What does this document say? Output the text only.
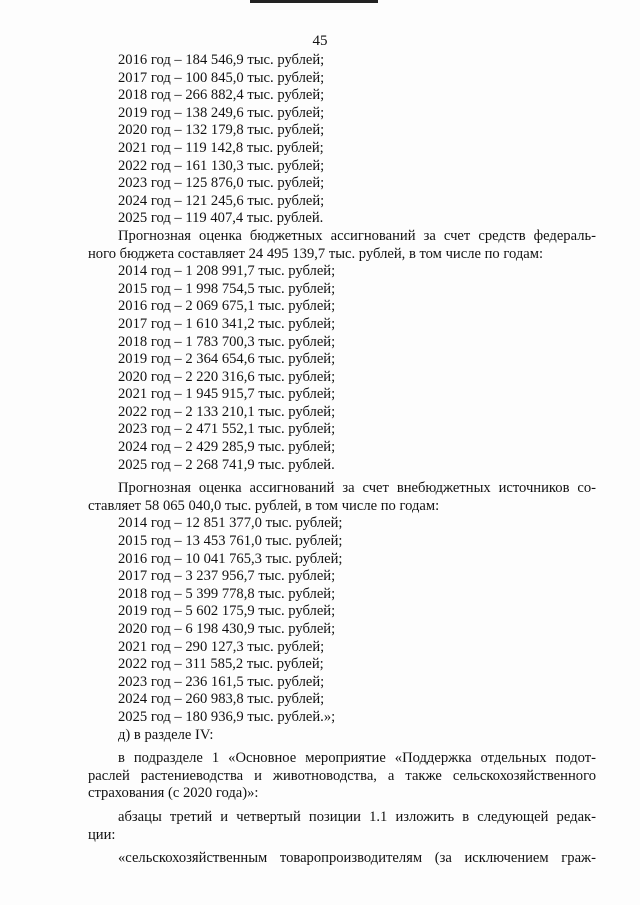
45
2016 год – 184 546,9 тыс. рублей;
2017 год – 100 845,0 тыс. рублей;
2018 год – 266 882,4 тыс. рублей;
2019 год – 138 249,6 тыс. рублей;
2020 год – 132 179,8 тыс. рублей;
2021 год – 119 142,8 тыс. рублей;
2022 год – 161 130,3 тыс. рублей;
2023 год – 125 876,0 тыс. рублей;
2024 год – 121 245,6 тыс. рублей;
2025 год – 119 407,4 тыс. рублей.
Прогнозная оценка бюджетных ассигнований за счет средств федераль-
ного бюджета составляет 24 495 139,7 тыс. рублей, в том числе по годам:
2014 год – 1 208 991,7 тыс. рублей;
2015 год – 1 998 754,5 тыс. рублей;
2016 год – 2 069 675,1 тыс. рублей;
2017 год – 1 610 341,2 тыс. рублей;
2018 год – 1 783 700,3 тыс. рублей;
2019 год – 2 364 654,6 тыс. рублей;
2020 год – 2 220 316,6 тыс. рублей;
2021 год – 1 945 915,7 тыс. рублей;
2022 год – 2 133 210,1 тыс. рублей;
2023 год – 2 471 552,1 тыс. рублей;
2024 год – 2 429 285,9 тыс. рублей;
2025 год – 2 268 741,9 тыс. рублей.
Прогнозная оценка ассигнований за счет внебюджетных источников со-
ставляет 58 065 040,0 тыс. рублей, в том числе по годам:
2014 год – 12 851 377,0 тыс. рублей;
2015 год – 13 453 761,0 тыс. рублей;
2016 год – 10 041 765,3 тыс. рублей;
2017 год – 3 237 956,7 тыс. рублей;
2018 год – 5 399 778,8 тыс. рублей;
2019 год – 5 602 175,9 тыс. рублей;
2020 год – 6 198 430,9 тыс. рублей;
2021 год – 290 127,3 тыс. рублей;
2022 год – 311 585,2 тыс. рублей;
2023 год – 236 161,5 тыс. рублей;
2024 год – 260 983,8 тыс. рублей;
2025 год – 180 936,9 тыс. рублей.»;
д) в разделе IV:
в подразделе 1 «Основное мероприятие «Поддержка отдельных подот-
раслей растениеводства и животноводства, а также сельскохозяйственного
страхования (с 2020 года)»:
абзацы третий и четвертый позиции 1.1 изложить в следующей редак-
ции:
«сельскохозяйственным товаропроизводителям (за исключением граж-
